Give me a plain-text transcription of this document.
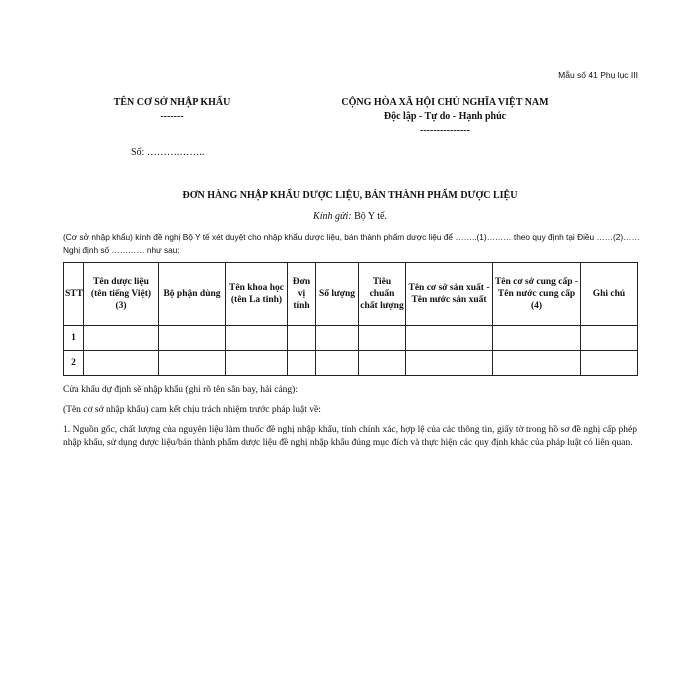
Mẫu số 41 Phụ lục III
TÊN CƠ SỞ NHẬP KHẨU
-------
CỘNG HÒA XÃ HỘI CHỦ NGHĨA VIỆT NAM
Độc lập - Tự do - Hạnh phúc
---------------
Số: ……….……..
ĐƠN HÀNG NHẬP KHẨU DƯỢC LIỆU, BÁN THÀNH PHẨM DƯỢC LIỆU
Kính gửi: Bộ Y tế.
(Cơ sở nhập khẩu) kính đề nghị Bộ Y tế xét duyệt cho nhập khẩu dược liệu, bán thành phẩm dược liệu để ……..(1)……… theo quy định tại Điều ……(2)…… Nghị định số ………… như sau:
STT	Tên dược liệu (tên tiếng Việt) (3)	Bộ phận dùng	Tên khoa học (tên La tinh)	Đơn vị tính	Số lượng	Tiêu chuẩn chất lượng	Tên cơ sở sản xuất - Tên nước sản xuất	Tên cơ sở cung cấp - Tên nước cung cấp (4)	Ghi chú
1									
2									
Cửa khẩu dự định sẽ nhập khẩu (ghi rõ tên sân bay, hải cảng):
(Tên cơ sở nhập khẩu) cam kết chịu trách nhiệm trước pháp luật về:
1. Nguồn gốc, chất lượng của nguyên liệu làm thuốc đề nghị nhập khẩu, tính chính xác, hợp lệ của các thông tin, giấy tờ trong hồ sơ đề nghị cấp phép nhập khẩu, sử dụng dược liệu/bán thành phẩm dược liệu đề nghị nhập khẩu đúng mục đích và thực hiện các quy định khác của pháp luật có liên quan.
